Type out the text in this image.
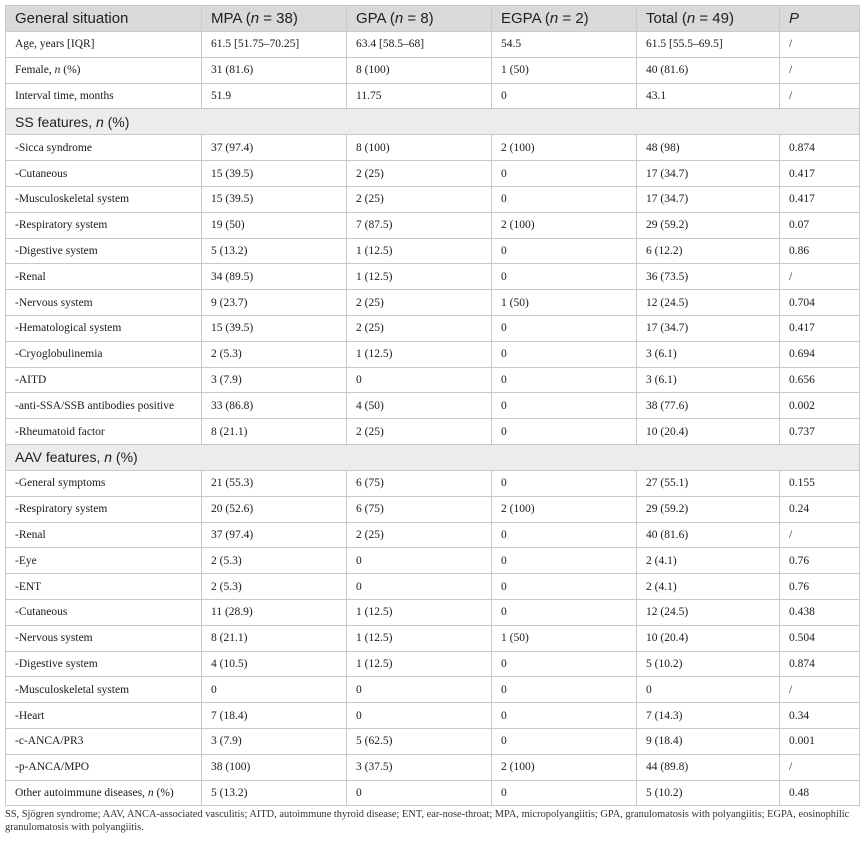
General situation	MPA (n = 38)	GPA (n = 8)	EGPA (n = 2)	Total (n = 49)	P
Age, years [IQR]	61.5 [51.75–70.25]	63.4 [58.5–68]	54.5	61.5 [55.5–69.5]	/
Female, n (%)	31 (81.6)	8 (100)	1 (50)	40 (81.6)	/
Interval time, months	51.9	11.75	0	43.1	/
SS features, n (%)					
-Sicca syndrome	37 (97.4)	8 (100)	2 (100)	48 (98)	0.874
-Cutaneous	15 (39.5)	2 (25)	0	17 (34.7)	0.417
-Musculoskeletal system	15 (39.5)	2 (25)	0	17 (34.7)	0.417
-Respiratory system	19 (50)	7 (87.5)	2 (100)	29 (59.2)	0.07
-Digestive system	5 (13.2)	1 (12.5)	0	6 (12.2)	0.86
-Renal	34 (89.5)	1 (12.5)	0	36 (73.5)	/
-Nervous system	9 (23.7)	2 (25)	1 (50)	12 (24.5)	0.704
-Hematological system	15 (39.5)	2 (25)	0	17 (34.7)	0.417
-Cryoglobulinemia	2 (5.3)	1 (12.5)	0	3 (6.1)	0.694
-AITD	3 (7.9)	0	0	3 (6.1)	0.656
-anti-SSA/SSB antibodies positive	33 (86.8)	4 (50)	0	38 (77.6)	0.002
-Rheumatoid factor	8 (21.1)	2 (25)	0	10 (20.4)	0.737
AAV features, n (%)					
-General symptoms	21 (55.3)	6 (75)	0	27 (55.1)	0.155
-Respiratory system	20 (52.6)	6 (75)	2 (100)	29 (59.2)	0.24
-Renal	37 (97.4)	2 (25)	0	40 (81.6)	/
-Eye	2 (5.3)	0	0	2 (4.1)	0.76
-ENT	2 (5.3)	0	0	2 (4.1)	0.76
-Cutaneous	11 (28.9)	1 (12.5)	0	12 (24.5)	0.438
-Nervous system	8 (21.1)	1 (12.5)	1 (50)	10 (20.4)	0.504
-Digestive system	4 (10.5)	1 (12.5)	0	5 (10.2)	0.874
-Musculoskeletal system	0	0	0	0	/
-Heart	7 (18.4)	0	0	7 (14.3)	0.34
-c-ANCA/PR3	3 (7.9)	5 (62.5)	0	9 (18.4)	0.001
-p-ANCA/MPO	38 (100)	3 (37.5)	2 (100)	44 (89.8)	/
Other autoimmune diseases, n (%)	5 (13.2)	0	0	5 (10.2)	0.48

SS, Sjögren syndrome; AAV, ANCA-associated vasculitis; AITD, autoimmune thyroid disease; ENT, ear-nose-throat; MPA, micropolyangiitis; GPA, granulomatosis with polyangiitis; EGPA, eosinophilic granulomatosis with polyangiitis.
